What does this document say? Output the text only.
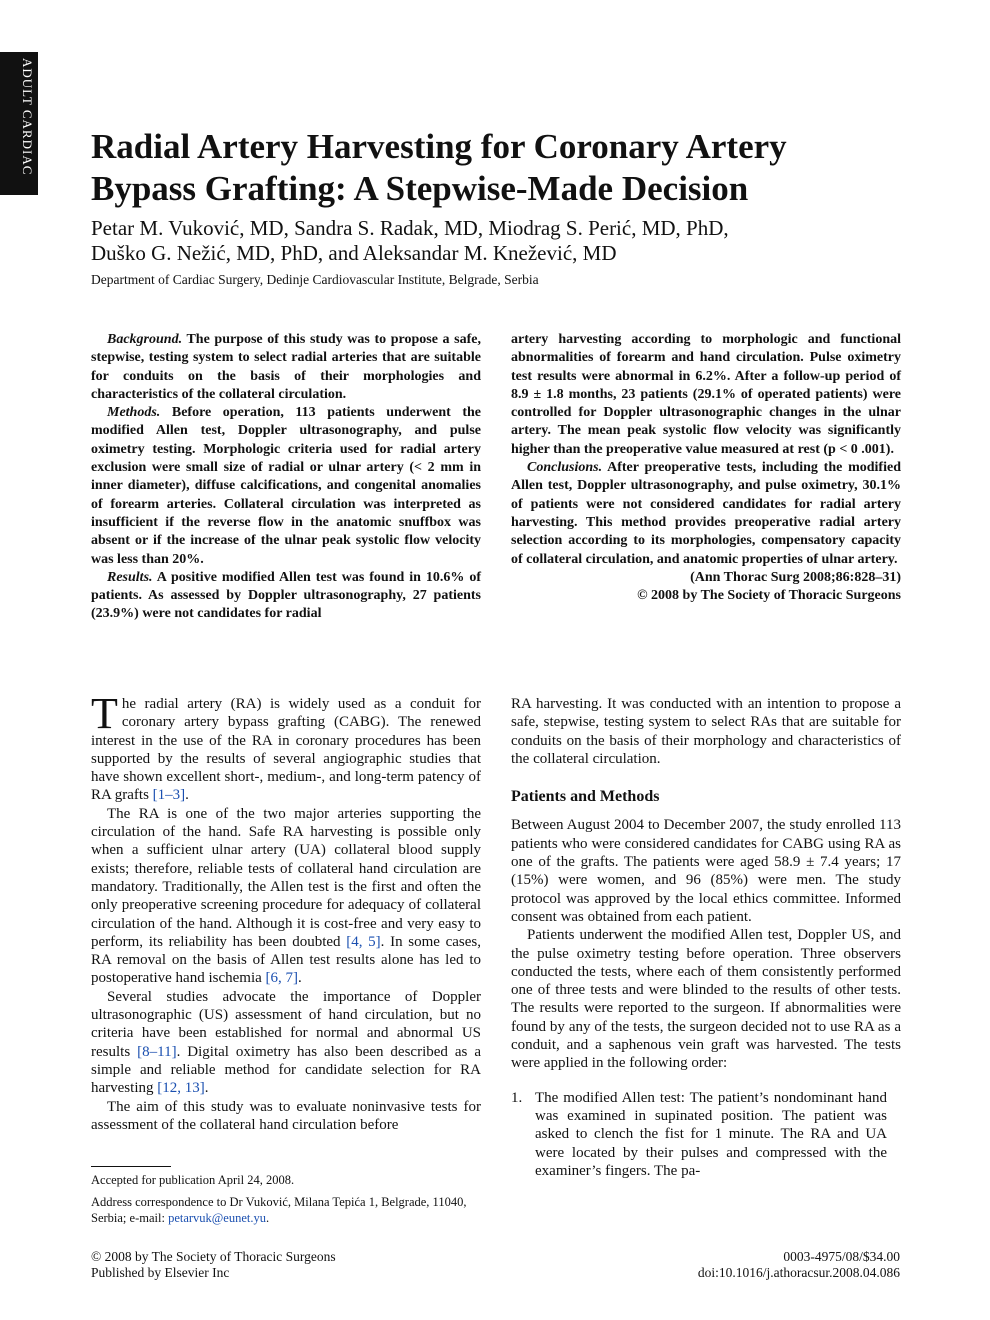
ADULT CARDIAC Radial Artery Harvesting for Coronary Artery Bypass Grafting: A Stepwise-Made Decision
Petar M. Vuković, MD, Sandra S. Radak, MD, Miodrag S. Perić, MD, PhD,
Duško G. Nežić, MD, PhD, and Aleksandar M. Knežević, MD
Department of Cardiac Surgery, Dedinje Cardiovascular Institute, Belgrade, Serbia

Background. The purpose of this study was to propose a safe, stepwise, testing system to select radial arteries that are suitable for conduits on the basis of their morphologies and characteristics of the collateral circulation.

Methods. Before operation, 113 patients underwent the modified Allen test, Doppler ultrasonography, and pulse oximetry testing. Morphologic criteria used for radial artery exclusion were small size of radial or ulnar artery (< 2 mm in inner diameter), diffuse calcifications, and congenital anomalies of forearm arteries. Collateral circulation was interpreted as insufficient if the reverse flow in the anatomic snuffbox was absent or if the increase of the ulnar peak systolic flow velocity was less than 20%.

Results. A positive modified Allen test was found in 10.6% of patients. As assessed by Doppler ultrasonography, 27 patients (23.9%) were not candidates for radial

artery harvesting according to morphologic and functional abnormalities of forearm and hand circulation. Pulse oximetry test results were abnormal in 6.2%. After a follow-up period of 8.9 ± 1.8 months, 23 patients (29.1% of operated patients) were controlled for Doppler ultrasonographic changes in the ulnar artery. The mean peak systolic flow velocity was significantly higher than the preoperative value measured at rest (p < 0 .001).

Conclusions. After preoperative tests, including the modified Allen test, Doppler ultrasonography, and pulse oximetry, 30.1% of patients were not considered candidates for radial artery harvesting. This method provides preoperative radial artery selection according to its morphologies, compensatory capacity of collateral circulation, and anatomic properties of ulnar artery.

(Ann Thorac Surg 2008;86:828–31)

© 2008 by The Society of Thoracic Surgeons

The radial artery (RA) is widely used as a conduit for coronary artery bypass grafting (CABG). The renewed interest in the use of the RA in coronary procedures has been supported by the results of several angiographic studies that have shown excellent short-, medium-, and long-term patency of RA grafts [1–3].

The RA is one of the two major arteries supporting the circulation of the hand. Safe RA harvesting is possible only when a sufficient ulnar artery (UA) collateral blood supply exists; therefore, reliable tests of collateral hand circulation are mandatory. Traditionally, the Allen test is the first and often the only preoperative screening procedure for adequacy of collateral circulation of the hand. Although it is cost-free and very easy to perform, its reliability has been doubted [4, 5]. In some cases, RA removal on the basis of Allen test results alone has led to postoperative hand ischemia [6, 7].

Several studies advocate the importance of Doppler ultrasonographic (US) assessment of hand circulation, but no criteria have been established for normal and abnormal US results [8–11]. Digital oximetry has also been described as a simple and reliable method for candidate selection for RA harvesting [12, 13].

The aim of this study was to evaluate noninvasive tests for assessment of the collateral hand circulation before

RA harvesting. It was conducted with an intention to propose a safe, stepwise, testing system to select RAs that are suitable for conduits on the basis of their morphology and characteristics of the collateral circulation.

Patients and Methods

Between August 2004 to December 2007, the study enrolled 113 patients who were considered candidates for CABG using RA as one of the grafts. The patients were aged 58.9 ± 7.4 years; 17 (15%) were women, and 96 (85%) were men. The study protocol was approved by the local ethics committee. Informed consent was obtained from each patient.

Patients underwent the modified Allen test, Doppler US, and the pulse oximetry testing before operation. Three observers conducted the tests, where each of them consistently performed one of three tests and were blinded to the results of other tests. The results were reported to the surgeon. If abnormalities were found by any of the tests, the surgeon decided not to use RA as a conduit, and a saphenous vein graft was harvested. The tests were applied in the following order:

1. The modified Allen test: The patient’s nondominant hand was examined in supinated position. The patient was asked to clench the fist for 1 minute. The RA and UA were located by their pulses and compressed with the examiner’s fingers. The pa-
Accepted for publication April 24, 2008.
Address correspondence to Dr Vuković, Milana Tepića 1, Belgrade, 11040, Serbia; e-mail: petarvuk@eunet.yu.
© 2008 by The Society of Thoracic Surgeons
Published by Elsevier Inc
0003-4975/08/$34.00
doi:10.1016/j.athoracsur.2008.04.086
